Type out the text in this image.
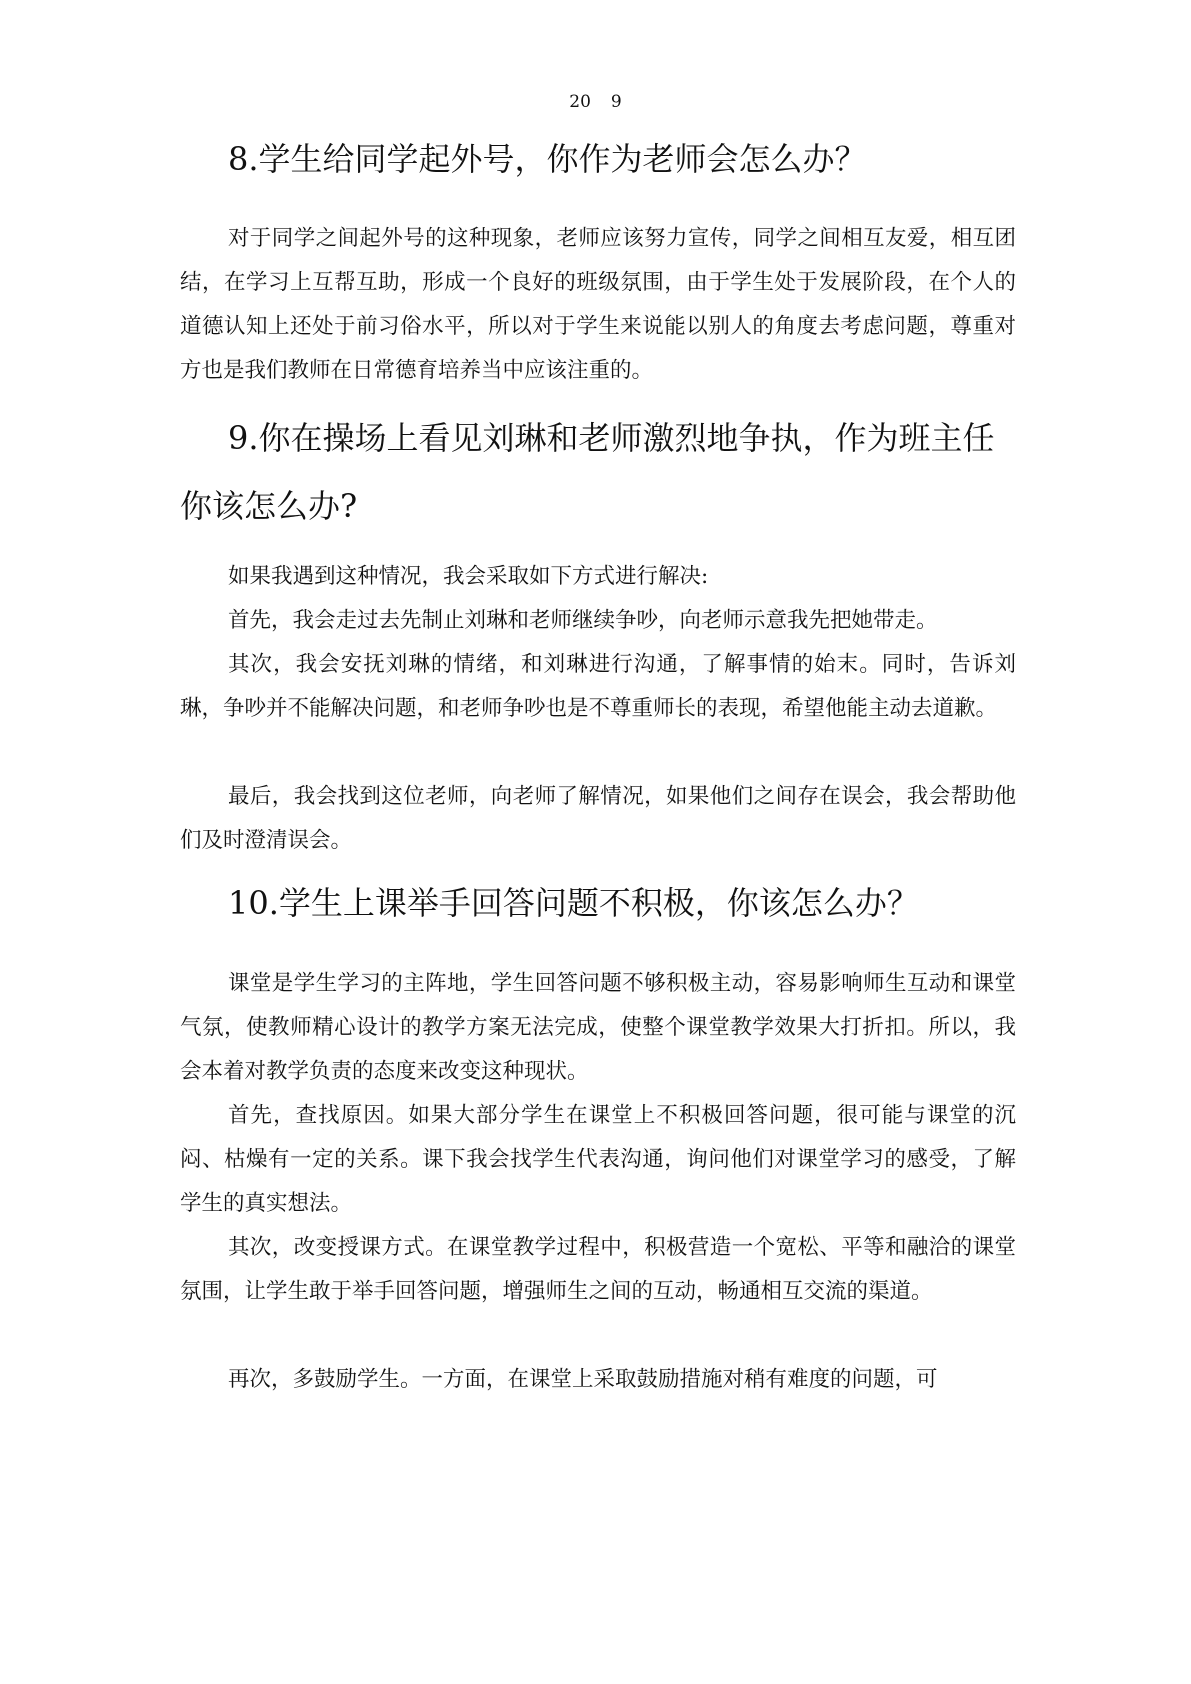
20 9
8.学生给同学起外号，你作为老师会怎么办？
对于同学之间起外号的这种现象，老师应该努力宣传，同学之间相互友爱，相互团结，在学习上互帮互助，形成一个良好的班级氛围，由于学生处于发展阶段，在个人的道德认知上还处于前习俗水平，所以对于学生来说能以别人的角度去考虑问题，尊重对方也是我们教师在日常德育培养当中应该注重的。
9.你在操场上看见刘琳和老师激烈地争执，作为班主任你该怎么办?
如果我遇到这种情况，我会采取如下方式进行解决:
首先，我会走过去先制止刘琳和老师继续争吵，向老师示意我先把她带走。
其次，我会安抚刘琳的情绪，和刘琳进行沟通，了解事情的始末。同时，告诉刘琳，争吵并不能解决问题，和老师争吵也是不尊重师长的表现，希望他能主动去道歉。
最后，我会找到这位老师，向老师了解情况，如果他们之间存在误会，我会帮助他们及时澄清误会。
10.学生上课举手回答问题不积极，你该怎么办？
课堂是学生学习的主阵地，学生回答问题不够积极主动，容易影响师生互动和课堂气氛，使教师精心设计的教学方案无法完成，使整个课堂教学效果大打折扣。所以，我会本着对教学负责的态度来改变这种现状。
首先，查找原因。如果大部分学生在课堂上不积极回答问题，很可能与课堂的沉闷、枯燥有一定的关系。课下我会找学生代表沟通，询问他们对课堂学习的感受，了解学生的真实想法。
其次，改变授课方式。在课堂教学过程中，积极营造一个宽松、平等和融洽的课堂氛围，让学生敢于举手回答问题，增强师生之间的互动，畅通相互交流的渠道。
再次，多鼓励学生。一方面，在课堂上采取鼓励措施对稍有难度的问题，可
